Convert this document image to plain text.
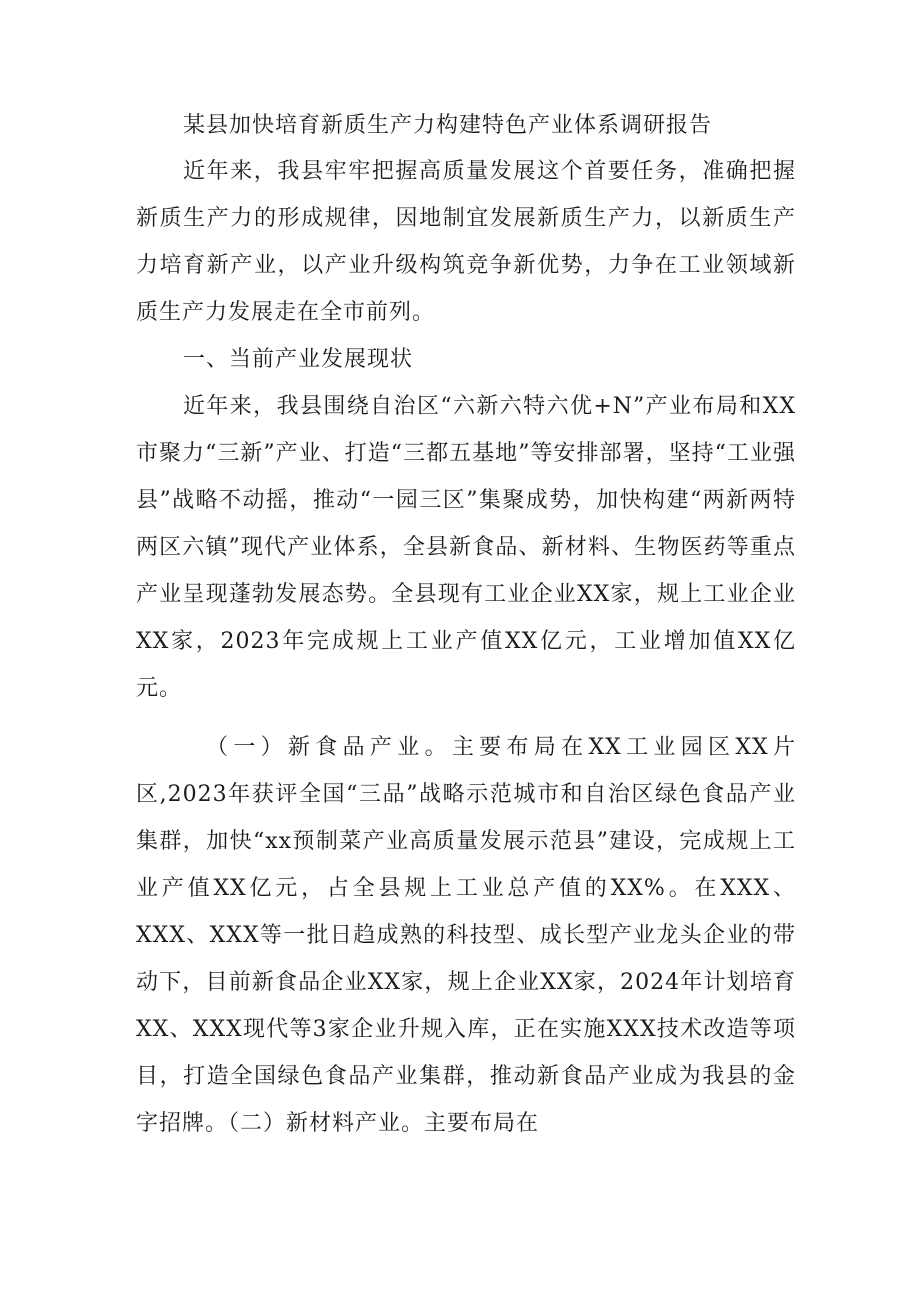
某县加快培育新质生产力构建特色产业体系调研报告

近年来，我县牢牢把握高质量发展这个首要任务，准确把握新质生产力的形成规律，因地制宜发展新质生产力，以新质生产力培育新产业，以产业升级构筑竞争新优势，力争在工业领域新质生产力发展走在全市前列。

一、当前产业发展现状

近年来，我县围绕自治区“六新六特六优+N”产业布局和XX市聚力“三新”产业、打造“三都五基地”等安排部署，坚持“工业强县”战略不动摇，推动“一园三区”集聚成势，加快构建“两新两特两区六镇”现代产业体系，全县新食品、新材料、生物医药等重点产业呈现蓬勃发展态势。全县现有工业企业XX家，规上工业企业XX家，2023年完成规上工业产值XX亿元，工业增加值XX亿元。

（一）新食品产业。主要布局在XX工业园区XX片区,2023年获评全国“三品”战略示范城市和自治区绿色食品产业集群，加快“xx预制菜产业高质量发展示范县”建设，完成规上工业产值XX亿元，占全县规上工业总产值的XX%。在XXX、XXX、XXX等一批日趋成熟的科技型、成长型产业龙头企业的带动下，目前新食品企业XX家，规上企业XX家，2024年计划培育XX、XXX现代等3家企业升规入库，正在实施XXX技术改造等项目，打造全国绿色食品产业集群，推动新食品产业成为我县的金字招牌。（二）新材料产业。主要布局在
